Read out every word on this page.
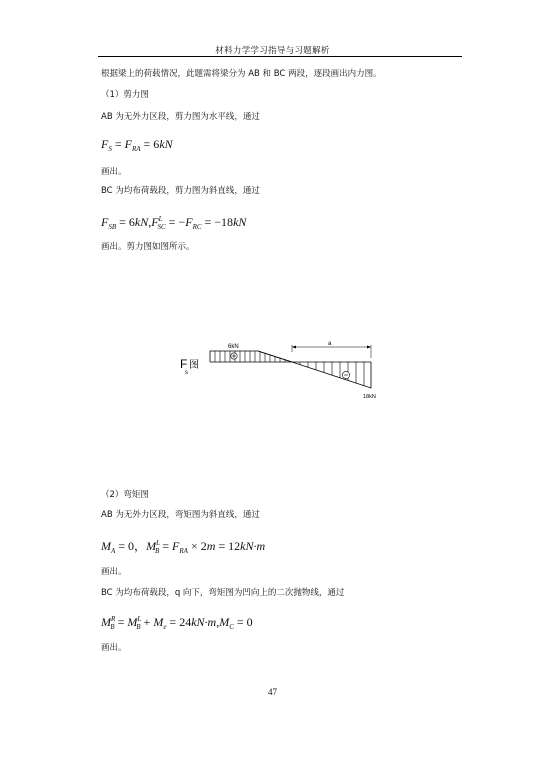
材料力学学习指导与习题解析
根据梁上的荷载情况，此题需将梁分为 AB 和 BC 两段，逐段画出内力图。
（1）剪力图
AB 为无外力区段，剪力图为水平线，通过
$F_S = F_{RA} = 6kN$
画出。
BC 为均布荷载段，剪力图为斜直线，通过
$F_{SB} = 6kN,F^L_{SC} = -F_{RC} = -18kN$
画出。剪力图如图所示。
F
s
图
6kN	a
18kN
（2）弯矩图
AB 为无外力区段，弯矩图为斜直线，通过
$M_A = 0$，$M^L_B = F_{RA} \times 2m = 12kN\cdot m$
画出。
BC 为均布荷载段，q 向下，弯矩图为凹向上的二次抛物线，通过
$M^R_B = M^L_B + M_e = 24kN\cdot m,M_C = 0$
画出。
47
